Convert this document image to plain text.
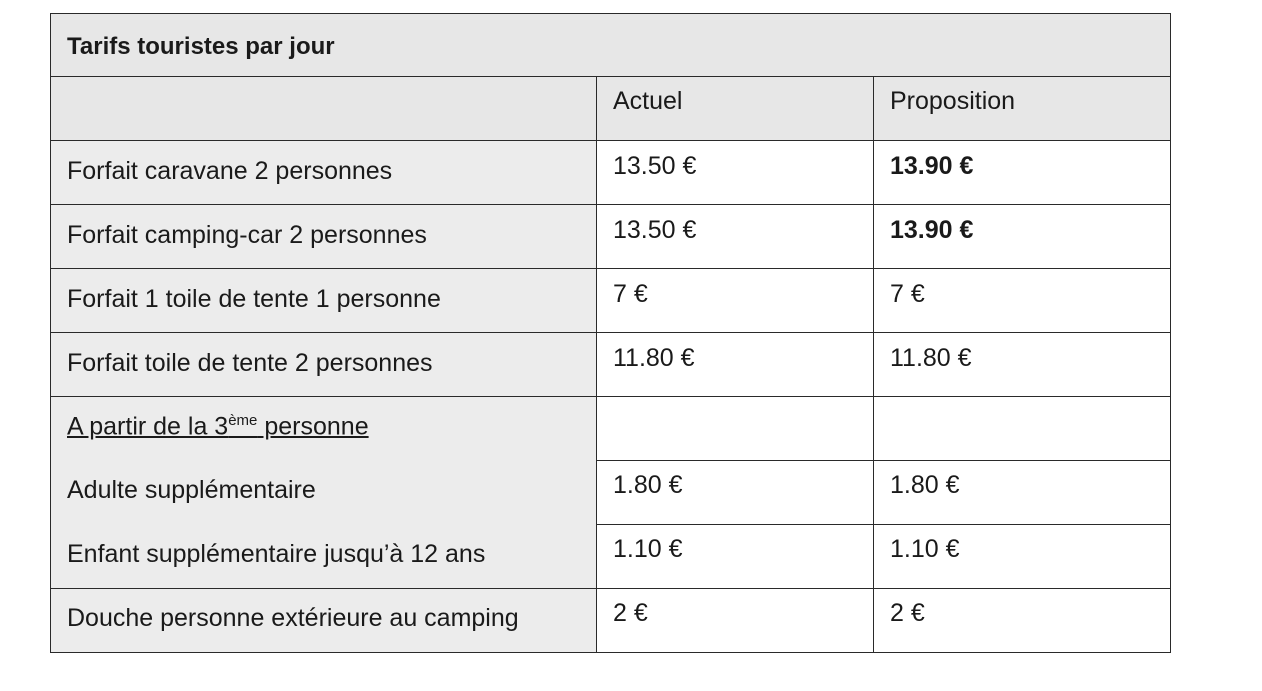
Tarifs touristes par jour		

	Actuel	Proposition

Forfait caravane 2 personnes	13.50 €	13.90 €

Forfait camping-car 2 personnes	13.50 €	13.90 €

Forfait 1 toile de tente 1 personne	7 €	7 €

Forfait toile de tente 2 personnes	11.80 €	11.80 €

A partir de la 3ème personne		

Adulte supplémentaire	1.80 €	1.80 €

Enfant supplémentaire jusqu’à 12 ans	1.10 €	1.10 €

Douche personne extérieure au camping	2 €	2 €
